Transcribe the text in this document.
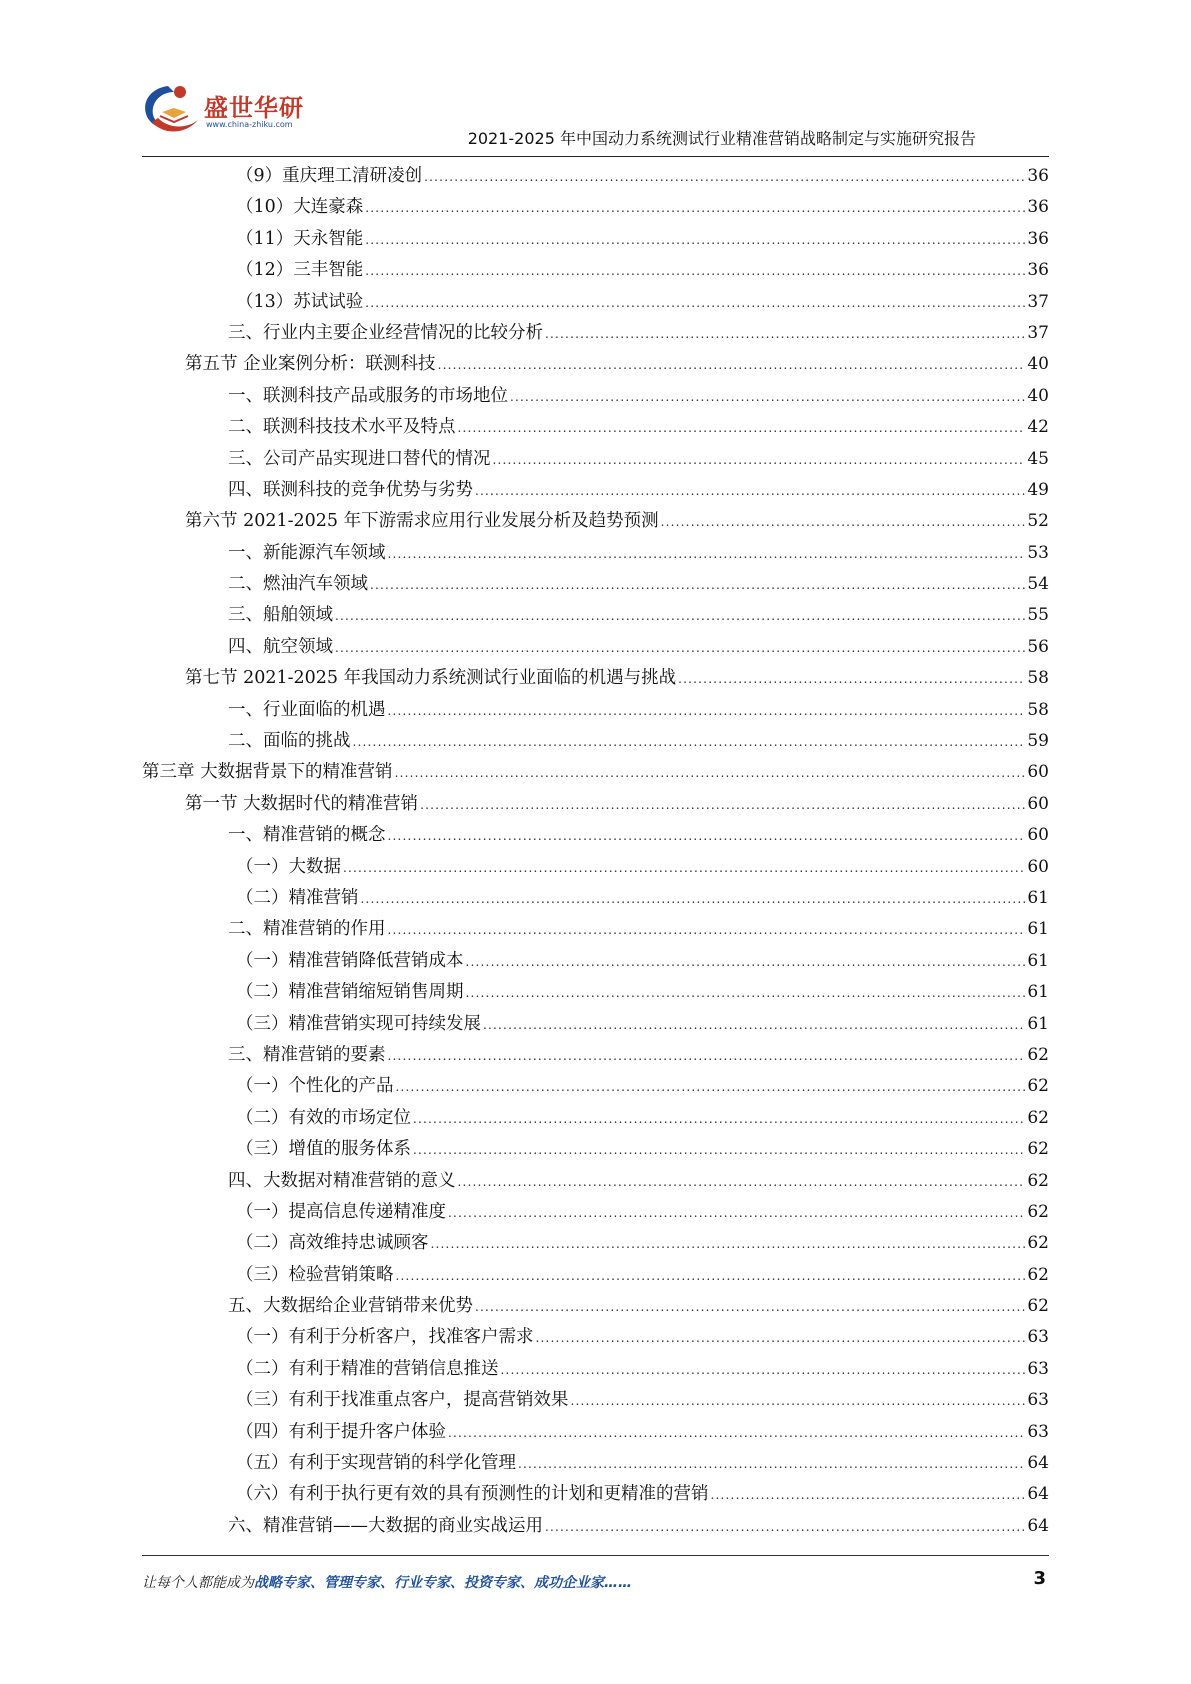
盛世华研
www.china-zhiku.com
2021-2025 年中国动力系统测试行业精准营销战略制定与实施研究报告
（9）重庆理工清研凌创 .....	36
（10）大连豪森 .....	36
（11）天永智能 .....	36
（12）三丰智能 .....	36
（13）苏试试验 .....	37
三、行业内主要企业经营情况的比较分析 .....	37
第五节 企业案例分析：联测科技 .....	40
一、联测科技产品或服务的市场地位 .....	40
二、联测科技技术水平及特点 .....	42
三、公司产品实现进口替代的情况 .....	45
四、联测科技的竞争优势与劣势 .....	49
第六节 2021-2025 年下游需求应用行业发展分析及趋势预测 .....	52
一、新能源汽车领域 .....	53
二、燃油汽车领域 .....	54
三、船舶领域 .....	55
四、航空领域 .....	56
第七节 2021-2025 年我国动力系统测试行业面临的机遇与挑战 .....	58
一、行业面临的机遇 .....	58
二、面临的挑战 .....	59
第三章 大数据背景下的精准营销 .....	60
第一节 大数据时代的精准营销 .....	60
一、精准营销的概念 .....	60
（一）大数据 .....	60
（二）精准营销 .....	61
二、精准营销的作用 .....	61
（一）精准营销降低营销成本 .....	61
（二）精准营销缩短销售周期 .....	61
（三）精准营销实现可持续发展 .....	61
三、精准营销的要素 .....	62
（一）个性化的产品 .....	62
（二）有效的市场定位 .....	62
（三）增值的服务体系 .....	62
四、大数据对精准营销的意义 .....	62
（一）提高信息传递精准度 .....	62
（二）高效维持忠诚顾客 .....	62
（三）检验营销策略 .....	62
五、大数据给企业营销带来优势 .....	62
（一）有利于分析客户，找准客户需求 .....	63
（二）有利于精准的营销信息推送 .....	63
（三）有利于找准重点客户，提高营销效果 .....	63
（四）有利于提升客户体验 .....	63
（五）有利于实现营销的科学化管理 .....	64
（六）有利于执行更有效的具有预测性的计划和更精准的营销 .....	64
六、精准营销——大数据的商业实战运用 .....	64
让每个人都能成为战略专家、管理专家、行业专家、投资专家、成功企业家……	3
